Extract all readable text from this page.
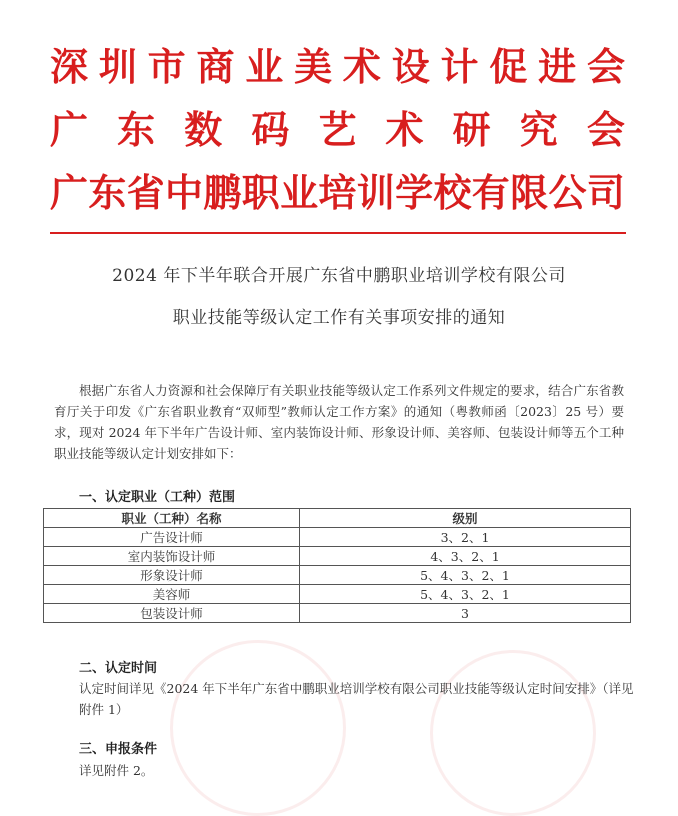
深 圳 市 商 业 美 术 设 计 促 进 会
广 东 数 码 艺 术 研 究 会
广 东 省 中 鹏 职 业 培 训 学 校 有 限 公 司
2024 年下半年联合开展广东省中鹏职业培训学校有限公司
职业技能等级认定工作有关事项安排的通知
根据广东省人力资源和社会保障厅有关职业技能等级认定工作系列文件规定的要求，结合广东省教育厅关于印发《广东省职业教育“双师型”教师认定工作方案》的通知（粤教师函〔2023〕25 号）要求，现对 2024 年下半年广告设计师、室内装饰设计师、形象设计师、美容师、包装设计师等五个工种职业技能等级认定计划安排如下：
一、认定职业（工种）范围
职业（工种）名称	级别
广告设计师	3、2、1
室内装饰设计师	4、3、2、1
形象设计师	5、4、3、2、1
美容师	5、4、3、2、1
包装设计师	3
二、认定时间
认定时间详见《2024 年下半年广东省中鹏职业培训学校有限公司职业技能等级认定时间安排》（详见附件 1）
三、申报条件
详见附件 2。
